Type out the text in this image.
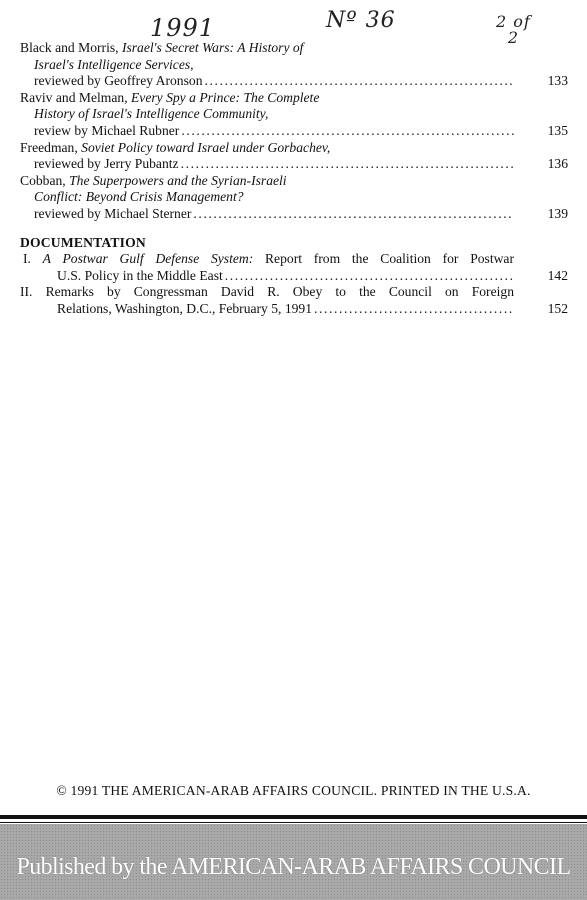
1991	Nº 36	2 of
2
Black and Morris, Israel's Secret Wars: A History of
Israel's Intelligence Services,
reviewed by Geoffrey Aronson . . .	133
Raviv and Melman, Every Spy a Prince: The Complete
History of Israel's Intelligence Community,
review by Michael Rubner . . .	135
Freedman, Soviet Policy toward Israel under Gorbachev,
reviewed by Jerry Pubantz . . .	136
Cobban, The Superpowers and the Syrian-Israeli
Conflict: Beyond Crisis Management?
reviewed by Michael Sterner . . .	139
DOCUMENTATION
I. A Postwar Gulf Defense System: Report from the Coalition for Postwar
U.S. Policy in the Middle East . . .	142
II. Remarks by Congressman David R. Obey to the Council on Foreign
Relations, Washington, D.C., February 5, 1991 . . .	152
© 1991 THE AMERICAN-ARAB AFFAIRS COUNCIL. PRINTED IN THE U.S.A.
Published by the AMERICAN-ARAB AFFAIRS COUNCIL
